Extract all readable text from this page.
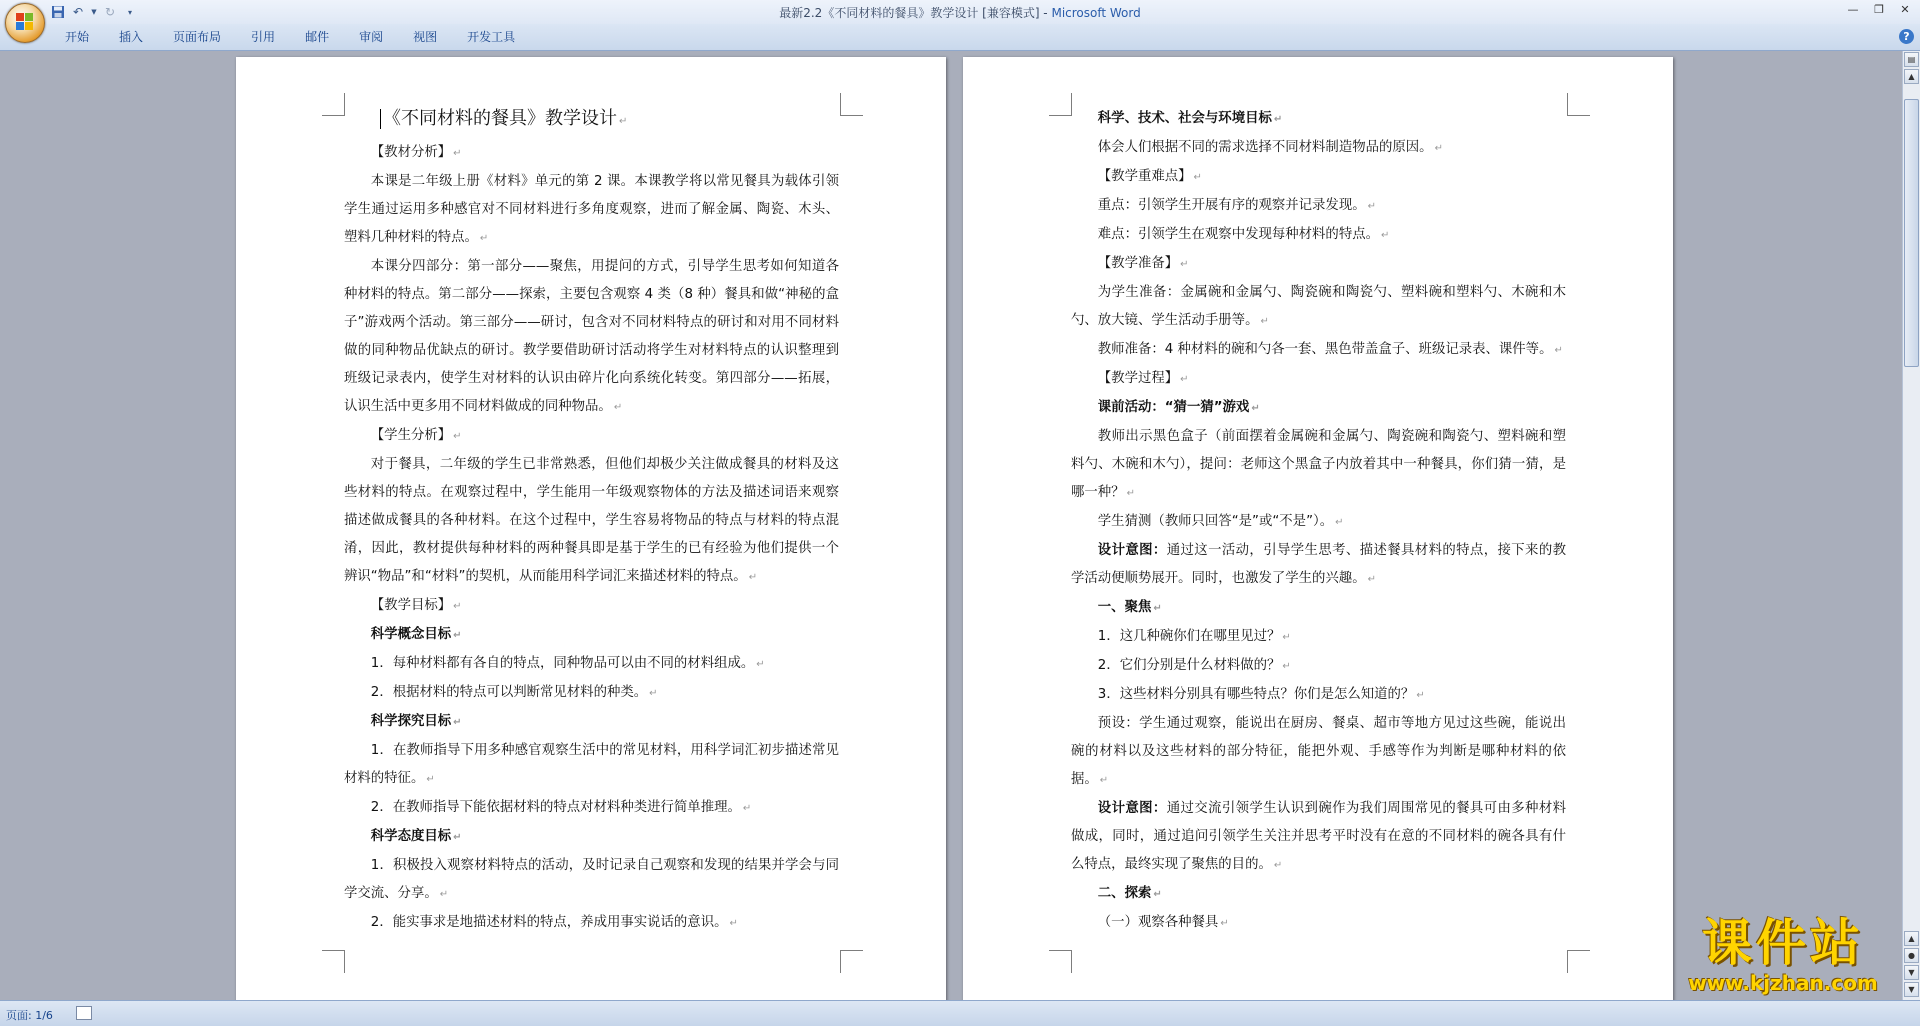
↶	▼ ↻	▾	最新2.2《不同材料的餐具》教学设计 [兼容模式] - Microsoft Word	—	❐	✕
开始	插入	页面布局	引用	邮件	审阅	视图	开发工具	?

《不同材料的餐具》教学设计 ↵

【教材分析】 ↵

本课是二年级上册《材料》单元的第 2 课。本课教学将以常见餐具为载体引领学生通过运用多种感官对不同材料进行多角度观察，进而了解金属、陶瓷、木头、塑料几种材料的特点。 ↵

本课分四部分：第一部分——聚焦，用提问的方式，引导学生思考如何知道各种材料的特点。第二部分——探索，主要包含观察 4 类（8 种）餐具和做“神秘的盒子”游戏两个活动。第三部分——研讨，包含对不同材料特点的研讨和对用不同材料做的同种物品优缺点的研讨。教学要借助研讨活动将学生对材料特点的认识整理到班级记录表内，使学生对材料的认识由碎片化向系统化转变。第四部分——拓展，认识生活中更多用不同材料做成的同种物品。 ↵

【学生分析】 ↵

对于餐具，二年级的学生已非常熟悉，但他们却极少关注做成餐具的材料及这些材料的特点。在观察过程中，学生能用一年级观察物体的方法及描述词语来观察描述做成餐具的各种材料。在这个过程中，学生容易将物品的特点与材料的特点混淆，因此，教材提供每种材料的两种餐具即是基于学生的已有经验为他们提供一个辨识“物品”和“材料”的契机，从而能用科学词汇来描述材料的特点。 ↵

【教学目标】 ↵

科学概念目标 ↵

1．每种材料都有各自的特点，同种物品可以由不同的材料组成。 ↵

2．根据材料的特点可以判断常见材料的种类。 ↵

科学探究目标 ↵

1．在教师指导下用多种感官观察生活中的常见材料，用科学词汇初步描述常见材料的特征。 ↵

2．在教师指导下能依据材料的特点对材料种类进行简单推理。 ↵

科学态度目标 ↵

1．积极投入观察材料特点的活动，及时记录自己观察和发现的结果并学会与同学交流、分享。 ↵

2．能实事求是地描述材料的特点，养成用事实说话的意识。 ↵

科学、技术、社会与环境目标 ↵

体会人们根据不同的需求选择不同材料制造物品的原因。 ↵

【教学重难点】 ↵

重点：引领学生开展有序的观察并记录发现。 ↵

难点：引领学生在观察中发现每种材料的特点。 ↵

【教学准备】 ↵

为学生准备：金属碗和金属勺、陶瓷碗和陶瓷勺、塑料碗和塑料勺、木碗和木勺、放大镜、学生活动手册等。 ↵

教师准备：4 种材料的碗和勺各一套、黑色带盖盒子、班级记录表、课件等。 ↵

【教学过程】 ↵

课前活动：“猜一猜”游戏 ↵

教师出示黑色盒子（前面摆着金属碗和金属勺、陶瓷碗和陶瓷勺、塑料碗和塑料勺、木碗和木勺），提问：老师这个黑盒子内放着其中一种餐具，你们猜一猜，是哪一种？ ↵

学生猜测（教师只回答“是”或“不是”）。 ↵

设计意图：通过这一活动，引导学生思考、描述餐具材料的特点，接下来的教学活动便顺势展开。同时，也激发了学生的兴趣。 ↵

一、聚焦 ↵

1．这几种碗你们在哪里见过？ ↵

2．它们分别是什么材料做的？ ↵

3．这些材料分别具有哪些特点？你们是怎么知道的？ ↵

预设：学生通过观察，能说出在厨房、餐桌、超市等地方见过这些碗，能说出碗的材料以及这些材料的部分特征，能把外观、手感等作为判断是哪种材料的依据。 ↵

设计意图：通过交流引领学生认识到碗作为我们周围常见的餐具可由多种材料做成，同时，通过追问引领学生关注并思考平时没有在意的不同材料的碗各具有什么特点，最终实现了聚焦的目的。 ↵

二、探索 ↵

（一）观察各种餐具 ↵

▤
▲
▲
●
▼
▼
页面: 1/6
课件站
www.kjzhan.com
